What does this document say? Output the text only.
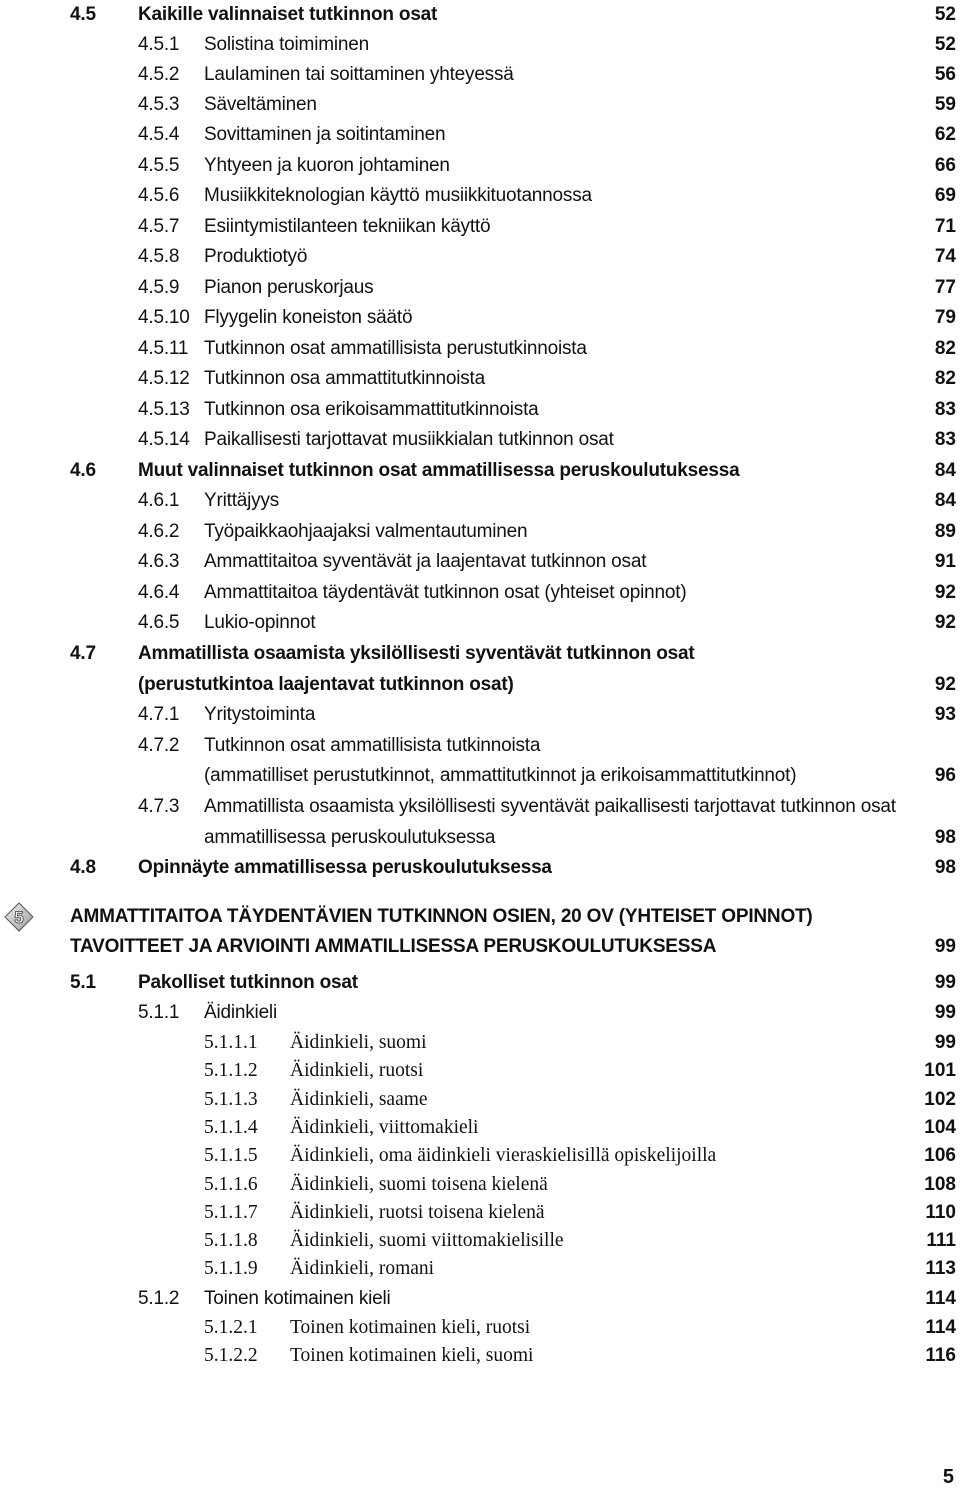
4.5 Kaikille valinnaiset tutkinnon osat	52
4.5.1 Solistina toimiminen	52
4.5.2 Laulaminen tai soittaminen yhteyessä	56
4.5.3 Säveltäminen	59
4.5.4 Sovittaminen ja soitintaminen	62
4.5.5 Yhtyeen ja kuoron johtaminen	66
4.5.6 Musiikkiteknologian käyttö musiikkituotannossa	69
4.5.7 Esiintymistilanteen tekniikan käyttö	71
4.5.8 Produktiotyö	74
4.5.9 Pianon peruskorjaus	77
4.5.10 Flyygelin koneiston säätö	79
4.5.11 Tutkinnon osat ammatillisista perustutkinnoista	82
4.5.12 Tutkinnon osa ammattitutkinnoista	82
4.5.13 Tutkinnon osa erikoisammattitutkinnoista	83
4.5.14 Paikallisesti tarjottavat musiikkialan tutkinnon osat	83
4.6 Muut valinnaiset tutkinnon osat ammatillisessa peruskoulutuksessa	84
4.6.1 Yrittäjyys	84
4.6.2 Työpaikkaohjaajaksi valmentautuminen	89
4.6.3 Ammattitaitoa syventävät ja laajentavat tutkinnon osat	91
4.6.4 Ammattitaitoa täydentävät tutkinnon osat (yhteiset opinnot)	92
4.6.5 Lukio-opinnot	92
4.7 Ammatillista osaamista yksilöllisesti syventävät tutkinnon osat
(perustutkintoa laajentavat tutkinnon osat)	92
4.7.1 Yritystoiminta	93
4.7.2 Tutkinnon osat ammatillisista tutkinnoista
(ammatilliset perustutkinnot, ammattitutkinnot ja erikoisammattitutkinnot)	96
4.7.3 Ammatillista osaamista yksilöllisesti syventävät paikallisesti tarjottavat tutkinnon osat
ammatillisessa peruskoulutuksessa	98
4.8 Opinnäyte ammatillisessa peruskoulutuksessa	98
AMMATTITAITOA TÄYDENTÄVIEN TUTKINNON OSIEN, 20 OV (YHTEISET OPINNOT)
TAVOITTEET JA ARVIOINTI AMMATILLISESSA PERUSKOULUTUKSESSA	99
5.1 Pakolliset tutkinnon osat	99
5.1.1 Äidinkieli	99
5.1.1.1 Äidinkieli, suomi	99
5.1.1.2 Äidinkieli, ruotsi	101
5.1.1.3 Äidinkieli, saame	102
5.1.1.4 Äidinkieli, viittomakieli	104
5.1.1.5 Äidinkieli, oma äidinkieli vieraskielisillä opiskelijoilla	106
5.1.1.6 Äidinkieli, suomi toisena kielenä	108
5.1.1.7 Äidinkieli, ruotsi toisena kielenä	110
5.1.1.8 Äidinkieli, suomi viittomakielisille	111
5.1.1.9 Äidinkieli, romani	113
5.1.2 Toinen kotimainen kieli	114
5.1.2.1 Toinen kotimainen kieli, ruotsi	114
5.1.2.2 Toinen kotimainen kieli, suomi	116
5
5
